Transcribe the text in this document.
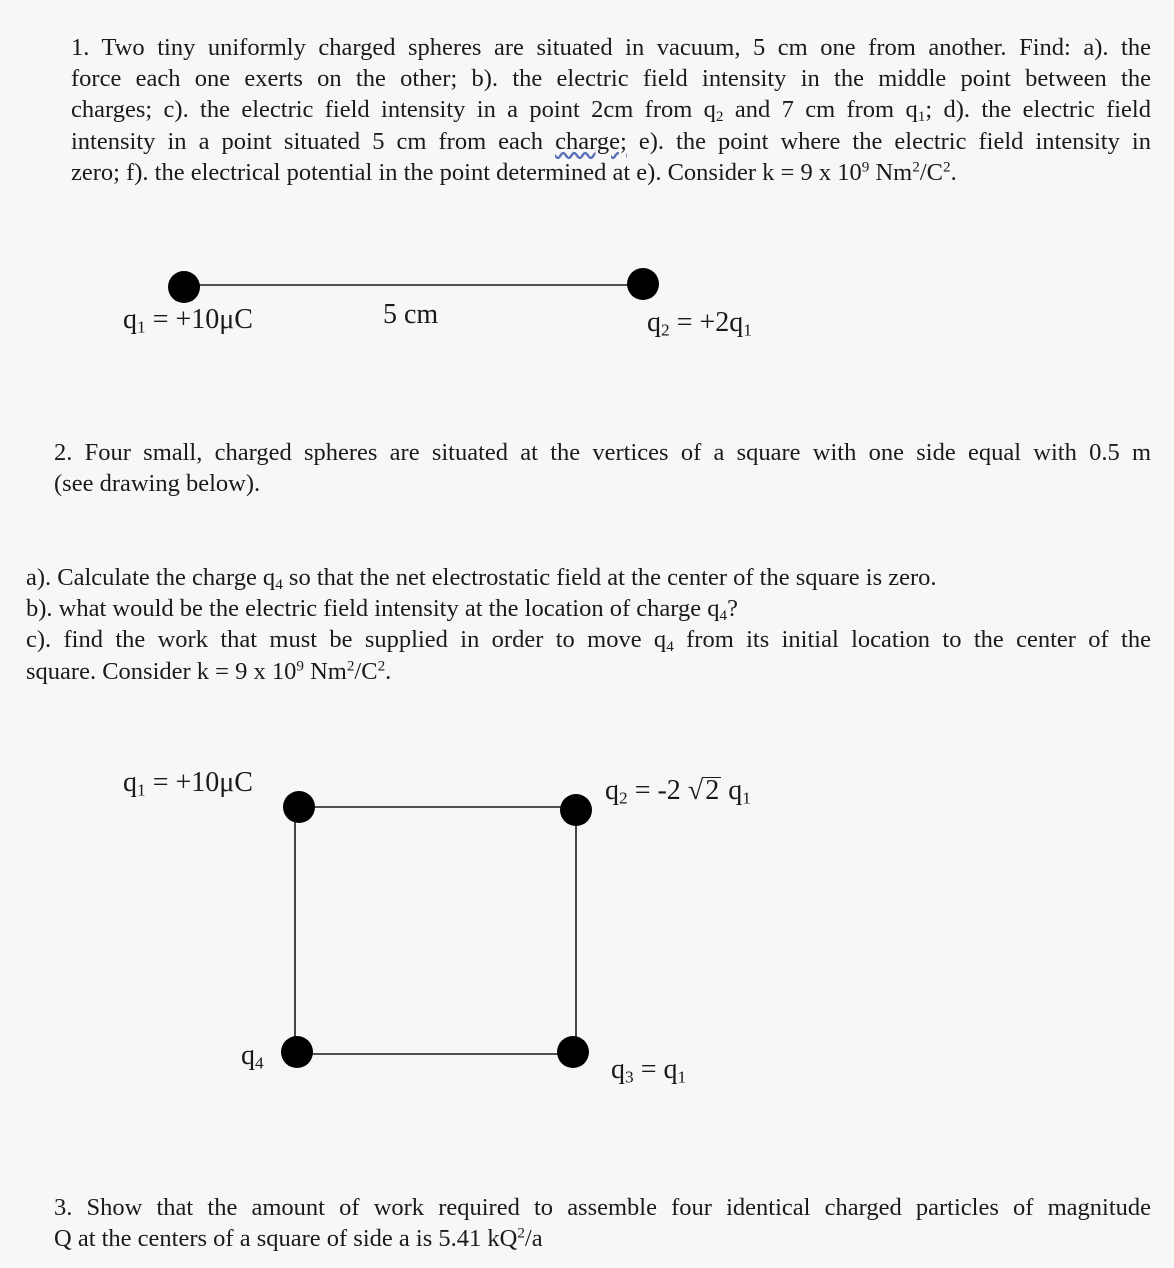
1. Two tiny uniformly charged spheres are situated in vacuum, 5 cm one from another. Find: a). the
force each one exerts on the other; b). the electric field intensity in the middle point between the
charges; c). the electric field intensity in a point 2cm from $q_2$ and 7 cm from $q_1$; d). the electric field
intensity in a point situated 5 cm from each charge; e). the point where the electric field intensity in
zero; f). the electrical potential in the point determined at e). Consider k = 9 x $10^9$ $Nm^2/C^2$.
$q_1 = +10\mu C$	5 cm	$q_2 = +2q_1$
2. Four small, charged spheres are situated at the vertices of a square with one side equal with 0.5 m
(see drawing below).
a). Calculate the charge $q_4$ so that the net electrostatic field at the center of the square is zero.
b). what would be the electric field intensity at the location of charge $q_4$?
c). find the work that must be supplied in order to move $q_4$ from its initial location to the center of the
square. Consider k = 9 x $10^9$ $Nm^2/C^2$.
$q_1 = +10\mu C$	$q_2 = -2$ √2 $q_1$
$q_3 = q_1$
$q_4$
3. Show that the amount of work required to assemble four identical charged particles of magnitude
Q at the centers of a square of side a is 5.41 $kQ^2/a$
